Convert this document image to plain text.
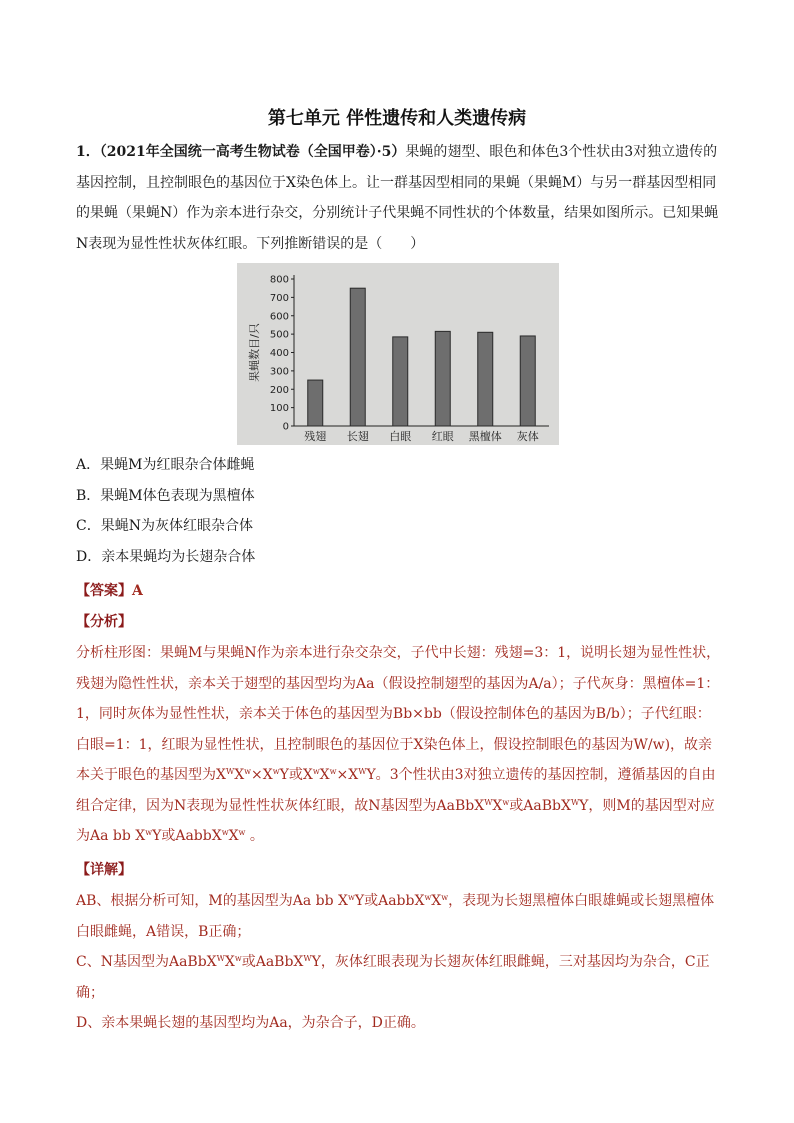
第七单元 伴性遗传和人类遗传病
1．（2021年全国统一高考生物试卷（全国甲卷）·5）果蝇的翅型、眼色和体色3个性状由3对独立遗传的基因控制，且控制眼色的基因位于X染色体上。让一群基因型相同的果蝇（果蝇M）与另一群基因型相同的果蝇（果蝇N）作为亲本进行杂交，分别统计子代果蝇不同性状的个体数量，结果如图所示。已知果蝇N表现为显性性状灰体红眼。下列推断错误的是（　　）
0
100
200
300
400
500
600
700
800
果蝇数目/只
残翅 长翅 白眼 红眼 黑檀体 灰体
A．果蝇M为红眼杂合体雌蝇
B．果蝇M体色表现为黑檀体
C．果蝇N为灰体红眼杂合体
D．亲本果蝇均为长翅杂合体
【答案】A
【分析】
分析柱形图：果蝇M与果蝇N作为亲本进行杂交杂交，子代中长翅：残翅=3：1，说明长翅为显性性状，残翅为隐性性状，亲本关于翅型的基因型均为Aa（假设控制翅型的基因为A/a）；子代灰身：黑檀体=1：1，同时灰体为显性性状，亲本关于体色的基因型为Bb×bb（假设控制体色的基因为B/b）；子代红眼：白眼=1：1，红眼为显性性状，且控制眼色的基因位于X染色体上，假设控制眼色的基因为W/w)，故亲本关于眼色的基因型为$X^WX^w\times X^wY$或$X^wX^w\times X^WY$。3个性状由3对独立遗传的基因控制，遵循基因的自由组合定律，因为N表现为显性性状灰体红眼，故N基因型为$AaBbX^WX^w$或AaBbX$^W$Y，则M的基因型对应为Aa bb $X^wY$或$AabbX^wX^w$ 。
【详解】
AB、根据分析可知，M的基因型为Aa bb $X^wY$或$AabbX^wX^w$，表现为长翅黑檀体白眼雄蝇或长翅黑檀体白眼雌蝇，A错误，B正确；
C、N基因型为$AaBbX^WX^w$或AaBbX$^W$Y，灰体红眼表现为长翅灰体红眼雌蝇，三对基因均为杂合，C正确；
D、亲本果蝇长翅的基因型均为Aa，为杂合子，D正确。
